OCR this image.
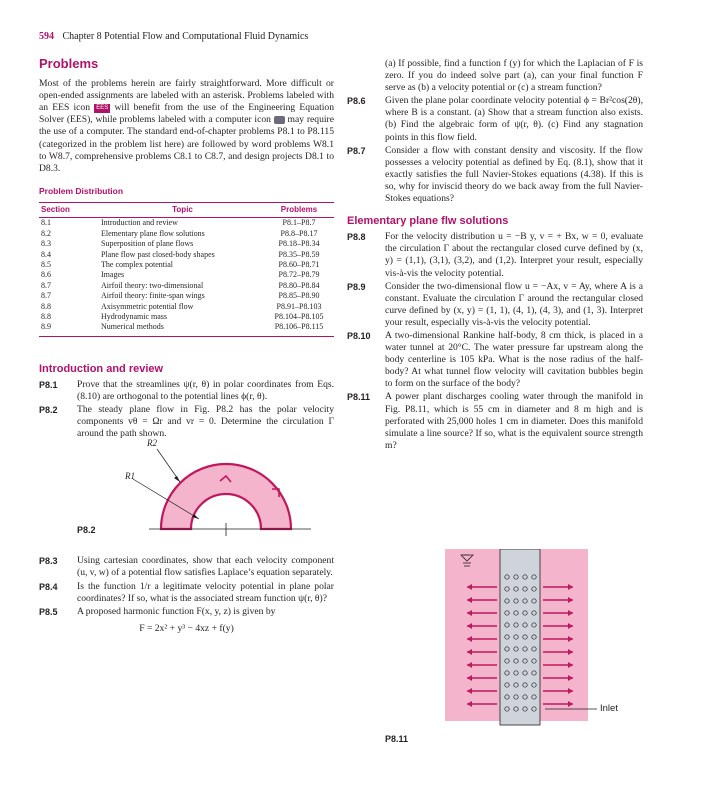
594 Chapter 8 Potential Flow and Computational Fluid Dynamics
Problems

Most of the problems herein are fairly straightforward. More difficult or open-ended assignments are labeled with an asterisk. Problems labeled with an EES icon EES will benefit from the use of the Engineering Equation Solver (EES), while problems labeled with a computer icon  may require the use of a computer. The standard end-of-chapter problems P8.1 to P8.115 (categorized in the problem list here) are followed by word problems W8.1 to W8.7, comprehensive problems C8.1 to C8.7, and design projects D8.1 to D8.3.

Problem Distribution
Section	Topic	Problems
8.1	Introduction and review	P8.1–P8.7
8.2	Elementary plane flow solutions	P8.8–P8.17
8.3	Superposition of plane flows	P8.18–P8.34
8.4	Plane flow past closed-body shapes	P8.35–P8.59
8.5	The complex potential	P8.60–P8.71
8.6	Images	P8.72–P8.79
8.7	Airfoil theory: two-dimensional	P8.80–P8.84
8.7	Airfoil theory: finite-span wings	P8.85–P8.90
8.8	Axisymmetric potential flow	P8.91–P8.103
8.8	Hydrodynamic mass	P8.104–P8.105
8.9	Numerical methods	P8.106–P8.115
Introduction and review
P8.1 Prove that the streamlines ψ(r, θ) in polar coordinates from Eqs. (8.10) are orthogonal to the potential lines ϕ(r, θ).
P8.2 The steady plane flow in Fig. P8.2 has the polar velocity components vθ = Ωr and vr = 0. Determine the circulation Γ around the path shown.
R2
R1
P8.2
P8.3 Using cartesian coordinates, show that each velocity component (u, v, w) of a potential flow satisfies Laplace’s equation separately.
P8.4 Is the function 1/r a legitimate velocity potential in plane polar coordinates? If so, what is the associated stream function ψ(r, θ)?
P8.5 A proposed harmonic function F(x, y, z) is given by
F = 2x² + y³ − 4xz + f(y)
(a) If possible, find a function f (y) for which the Laplacian of F is zero. If you do indeed solve part (a), can your final function F serve as (b) a velocity potential or (c) a stream function?
P8.6 Given the plane polar coordinate velocity potential ϕ = Br²cos(2θ), where B is a constant. (a) Show that a stream function also exists. (b) Find the algebraic form of ψ(r, θ). (c) Find any stagnation points in this flow field.
P8.7 Consider a flow with constant density and viscosity. If the flow possesses a velocity potential as defined by Eq. (8.1), show that it exactly satisfies the full Navier-Stokes equations (4.38). If this is so, why for inviscid theory do we back away from the full Navier-Stokes equations?
Elementary plane flw solutions
P8.8 For the velocity distribution u = −B y, v = + Bx, w = 0, evaluate the circulation Γ about the rectangular closed curve defined by (x, y) = (1,1), (3,1), (3,2), and (1,2). Interpret your result, especially vis-à-vis the velocity potential.
P8.9 Consider the two-dimensional flow u = −Ax, v = Ay, where A is a constant. Evaluate the circulation Γ around the rectangular closed curve defined by (x, y) = (1, 1), (4, 1), (4, 3), and (1, 3). Interpret your result, especially vis-à-vis the velocity potential.
P8.10 A two-dimensional Rankine half-body, 8 cm thick, is placed in a water tunnel at 20°C. The water pressure far upstream along the body centerline is 105 kPa. What is the nose radius of the half-body? At what tunnel flow velocity will cavitation bubbles begin to form on the surface of the body?
P8.11 A power plant discharges cooling water through the manifold in Fig. P8.11, which is 55 cm in diameter and 8 m high and is perforated with 25,000 holes 1 cm in diameter. Does this manifold simulate a line source? If so, what is the equivalent source strength m?
Inlet
P8.11
